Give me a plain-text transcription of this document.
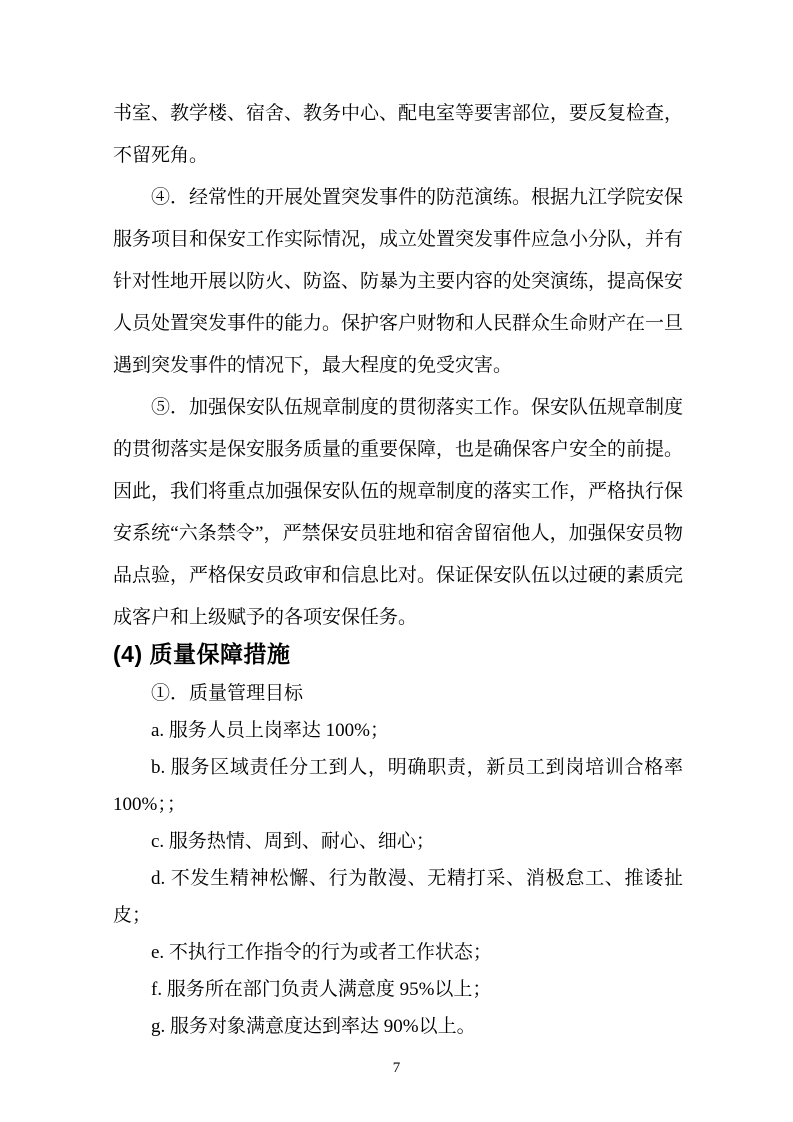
书室、教学楼、宿舍、教务中心、配电室等要害部位，要反复检查，不留死角。

④．经常性的开展处置突发事件的防范演练。根据九江学院安保服务项目和保安工作实际情况，成立处置突发事件应急小分队，并有针对性地开展以防火、防盗、防暴为主要内容的处突演练，提高保安人员处置突发事件的能力。保护客户财物和人民群众生命财产在一旦遇到突发事件的情况下，最大程度的免受灾害。

⑤．加强保安队伍规章制度的贯彻落实工作。保安队伍规章制度的贯彻落实是保安服务质量的重要保障，也是确保客户安全的前提。因此，我们将重点加强保安队伍的规章制度的落实工作，严格执行保安系统“六条禁令”，严禁保安员驻地和宿舍留宿他人，加强保安员物品点验，严格保安员政审和信息比对。保证保安队伍以过硬的素质完成客户和上级赋予的各项安保任务。

(4) 质量保障措施

①．质量管理目标

a. 服务人员上岗率达 100%；

b. 服务区域责任分工到人，明确职责，新员工到岗培训合格率 100%；；

c. 服务热情、周到、耐心、细心；

d. 不发生精神松懈、行为散漫、无精打采、消极怠工、推诿扯皮；

e. 不执行工作指令的行为或者工作状态；

f. 服务所在部门负责人满意度 95%以上；

g. 服务对象满意度达到率达 90%以上。

7
